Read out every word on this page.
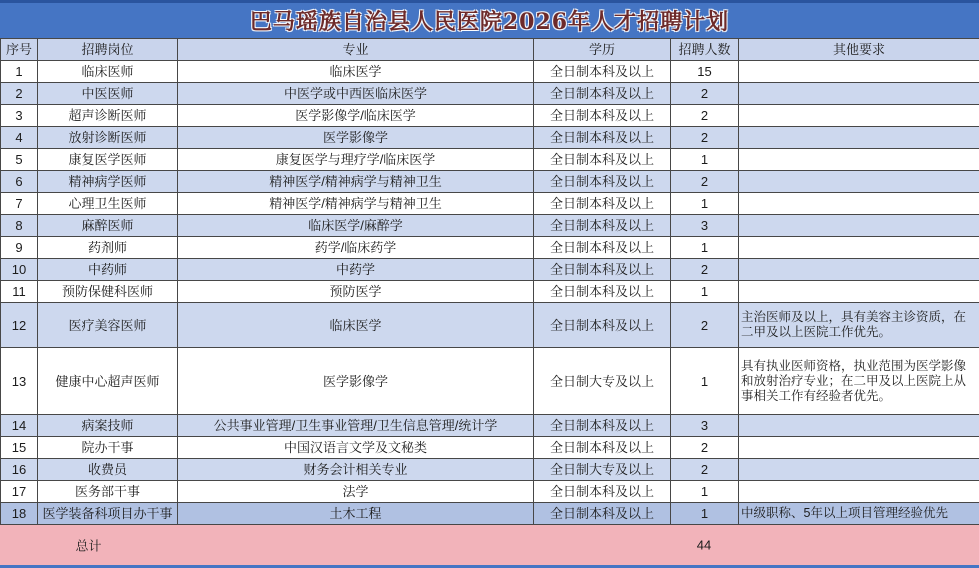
巴马瑶族自治县人民医院2026年人才招聘计划
序号	招聘岗位	专业	学历	招聘人数	其他要求
1	临床医师	临床医学	全日制本科及以上	15	
2	中医医师	中医学或中西医临床医学	全日制本科及以上	2	
3	超声诊断医师	医学影像学/临床医学	全日制本科及以上	2	
4	放射诊断医师	医学影像学	全日制本科及以上	2	
5	康复医学医师	康复医学与理疗学/临床医学	全日制本科及以上	1	
6	精神病学医师	精神医学/精神病学与精神卫生	全日制本科及以上	2	
7	心理卫生医师	精神医学/精神病学与精神卫生	全日制本科及以上	1	
8	麻醉医师	临床医学/麻醉学	全日制本科及以上	3	
9	药剂师	药学/临床药学	全日制本科及以上	1	
10	中药师	中药学	全日制本科及以上	2	
11	预防保健科医师	预防医学	全日制本科及以上	1	
12	医疗美容医师	临床医学	全日制本科及以上	2	主治医师及以上，具有美容主诊资质，在二甲及以上医院工作优先。
13	健康中心超声医师	医学影像学	全日制大专及以上	1	具有执业医师资格，执业范围为医学影像和放射治疗专业；在二甲及以上医院上从事相关工作有经验者优先。
14	病案技师	公共事业管理/卫生事业管理/卫生信息管理/统计学	全日制本科及以上	3	
15	院办干事	中国汉语言文学及文秘类	全日制本科及以上	2	
16	收费员	财务会计相关专业	全日制大专及以上	2	
17	医务部干事	法学	全日制本科及以上	1	
18	医学装备科项目办干事	土木工程	全日制本科及以上	1	中级职称、5年以上项目管理经验优先
总计	44
